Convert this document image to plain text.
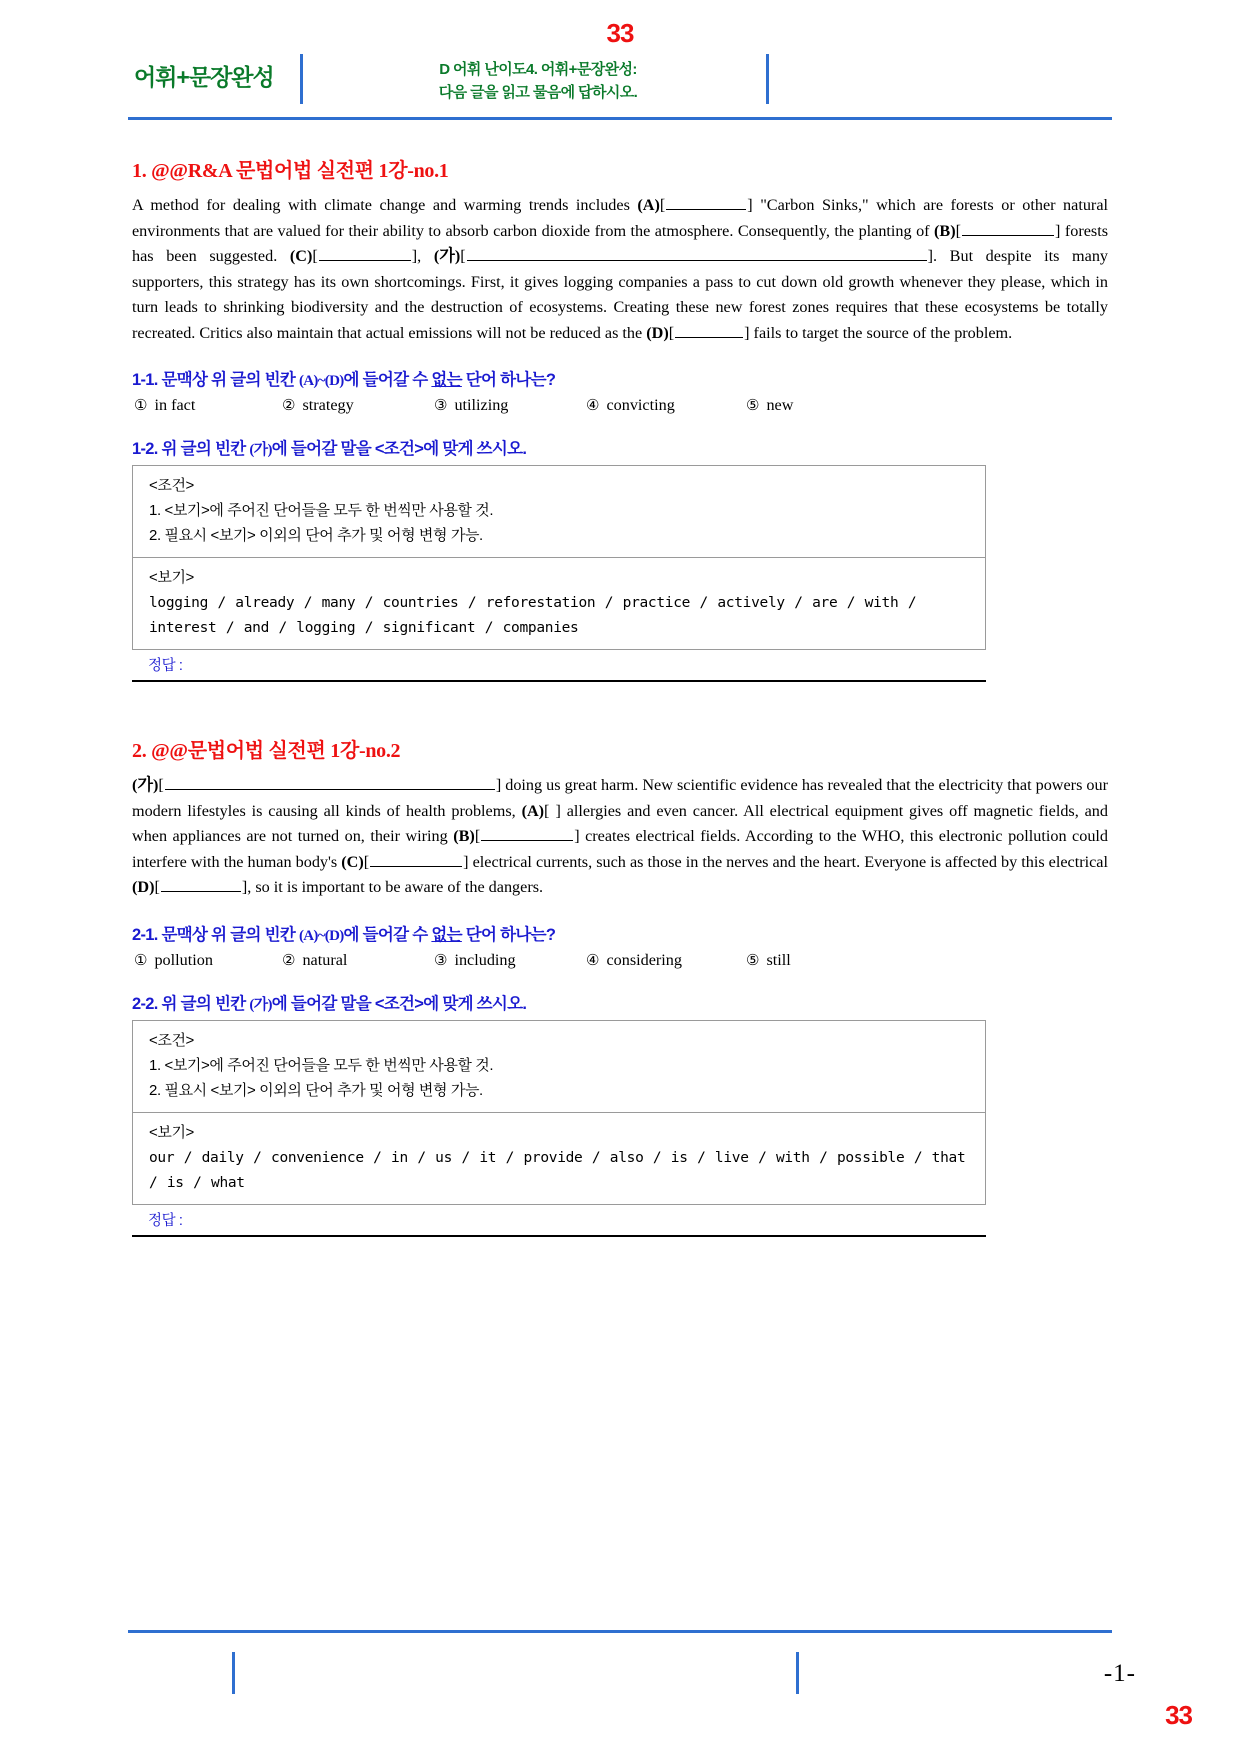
33
어휘+문장완성	D 어휘 난이도4. 어휘+문장완성:
다음 글을 읽고 물음에 답하시오.
1. @@R&A 문법어법 실전편 1강-no.1
A method for dealing with climate change and warming trends includes (A)[	] "Carbon Sinks," which are forests or other natural environments that are valued for their ability to absorb carbon dioxide from the atmosphere. Consequently, the planting of (B)[	] forests has been suggested. (C)[	], (가)[	]. But despite its many supporters, this strategy has its own shortcomings. First, it gives logging companies a pass to cut down old growth whenever they please, which in turn leads to shrinking biodiversity and the destruction of ecosystems. Creating these new forest zones requires that these ecosystems be totally recreated. Critics also maintain that actual emissions will not be reduced as the (D)[	] fails to target the source of the problem.
1-1. 문맥상 위 글의 빈칸 (A)~(D)에 들어갈 수 없는 단어 하나는?
① in fact	② strategy	③ utilizing	④ convicting	⑤ new
1-2. 위 글의 빈칸 (가)에 들어갈 말을 <조건>에 맞게 쓰시오.
<조건>
1. <보기>에 주어진 단어들을 모두 한 번씩만 사용할 것.
2. 필요시 <보기> 이외의 단어 추가 및 어형 변형 가능.
<보기>
logging / already / many / countries / reforestation / practice / actively / are / with / interest / and / logging / significant / companies
정답 :
2. @@문법어법 실전편 1강-no.2
(가)[	] doing us great harm. New scientific evidence has revealed that the electricity that powers our modern lifestyles is causing all kinds of health problems, (A)[ ] allergies and even cancer. All electrical equipment gives off magnetic fields, and when appliances are not turned on, their wiring (B)[	] creates electrical fields. According to the WHO, this electronic pollution could interfere with the human body's (C)[	] electrical currents, such as those in the nerves and the heart. Everyone is affected by this electrical (D)[	], so it is important to be aware of the dangers.
2-1. 문맥상 위 글의 빈칸 (A)~(D)에 들어갈 수 없는 단어 하나는?
① pollution	② natural	③ including	④ considering	⑤ still
2-2. 위 글의 빈칸 (가)에 들어갈 말을 <조건>에 맞게 쓰시오.
<조건>
1. <보기>에 주어진 단어들을 모두 한 번씩만 사용할 것.
2. 필요시 <보기> 이외의 단어 추가 및 어형 변형 가능.
<보기>
our / daily / convenience / in / us / it / provide / also / is / live / with / possible / that / is / what
정답 :
-1-
33
